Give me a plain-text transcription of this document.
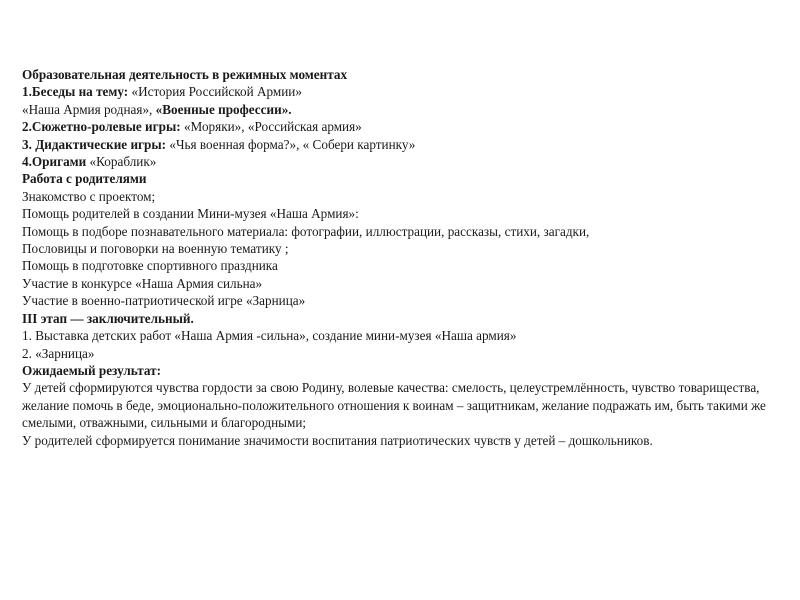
Образовательная деятельность в режимных моментах
1.Беседы на тему: «История Российской Армии»
«Наша Армия родная», «Военные профессии».
2.Сюжетно-ролевые игры: «Моряки», «Российская армия»
3. Дидактические игры: «Чья военная форма?», « Собери картинку»
4.Оригами «Кораблик»
Работа с родителями
Знакомство с проектом;
Помощь родителей в создании Мини-музея «Наша Армия»:
Помощь в подборе познавательного материала: фотографии, иллюстрации, рассказы, стихи, загадки,
Пословицы и поговорки на военную тематику ;
Помощь в подготовке спортивного праздника
Участие в конкурсе «Наша Армия сильна»
Участие в военно-патриотической игре «Зарница»
III этап — заключительный.
1. Выставка детских работ «Наша Армия -сильна», создание мини-музея «Наша армия»
2. «Зарница»
Ожидаемый результат:
У детей сформируются чувства гордости за свою Родину, волевые качества: смелость, целеустремлённость, чувство товарищества, желание помочь в беде, эмоционально-положительного отношения к воинам – защитникам, желание подражать им, быть такими же смелыми, отважными, сильными и благородными;
У родителей сформируется понимание значимости воспитания патриотических чувств у детей – дошкольников.
